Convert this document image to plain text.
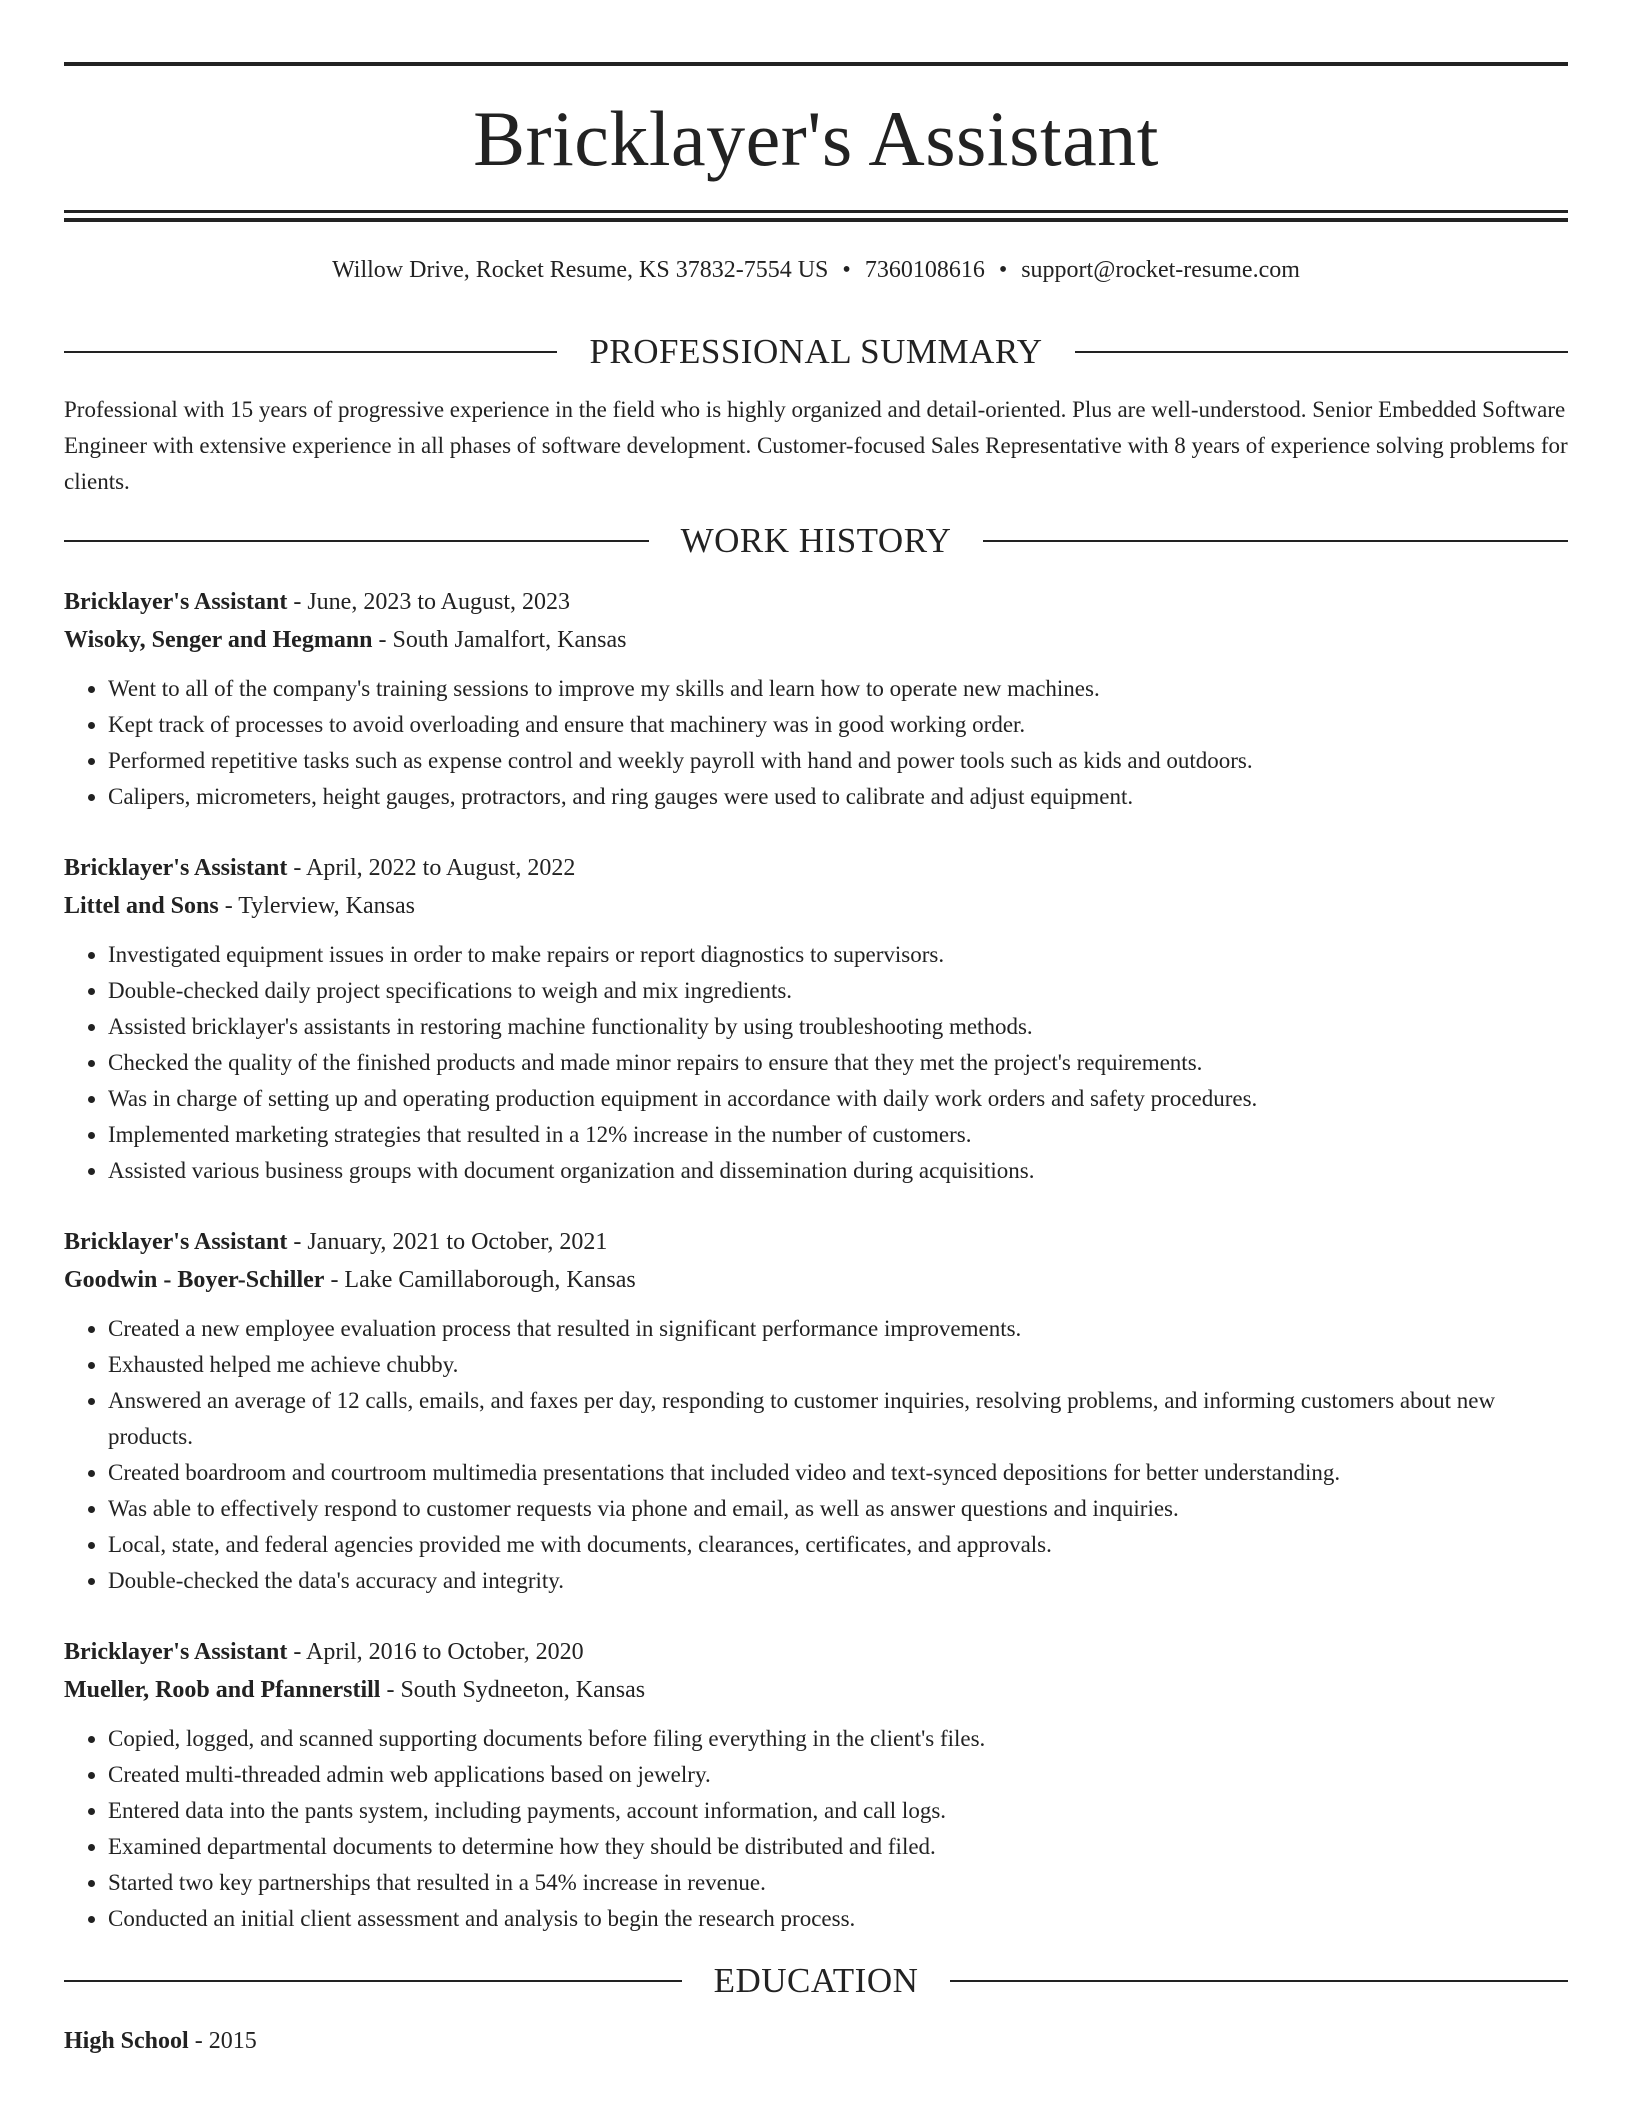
Bricklayer's Assistant
Willow Drive, Rocket Resume, KS 37832-7554 US • 7360108616 • support@rocket-resume.com
PROFESSIONAL SUMMARY

Professional with 15 years of progressive experience in the field who is highly organized and detail-oriented. Plus are well-understood. Senior Embedded Software Engineer with extensive experience in all phases of software development. Customer-focused Sales Representative with 8 years of experience solving problems for clients.

WORK HISTORY
Bricklayer's Assistant - June, 2023 to August, 2023
Wisoky, Senger and Hegmann - South Jamalfort, Kansas
• Went to all of the company's training sessions to improve my skills and learn how to operate new machines.
• Kept track of processes to avoid overloading and ensure that machinery was in good working order.
• Performed repetitive tasks such as expense control and weekly payroll with hand and power tools such as kids and outdoors.
• Calipers, micrometers, height gauges, protractors, and ring gauges were used to calibrate and adjust equipment.
Bricklayer's Assistant - April, 2022 to August, 2022
Littel and Sons - Tylerview, Kansas
• Investigated equipment issues in order to make repairs or report diagnostics to supervisors.
• Double-checked daily project specifications to weigh and mix ingredients.
• Assisted bricklayer's assistants in restoring machine functionality by using troubleshooting methods.
• Checked the quality of the finished products and made minor repairs to ensure that they met the project's requirements.
• Was in charge of setting up and operating production equipment in accordance with daily work orders and safety procedures.
• Implemented marketing strategies that resulted in a 12% increase in the number of customers.
• Assisted various business groups with document organization and dissemination during acquisitions.
Bricklayer's Assistant - January, 2021 to October, 2021
Goodwin - Boyer-Schiller - Lake Camillaborough, Kansas
• Created a new employee evaluation process that resulted in significant performance improvements.
• Exhausted helped me achieve chubby.
• Answered an average of 12 calls, emails, and faxes per day, responding to customer inquiries, resolving problems, and informing customers about new products.
• Created boardroom and courtroom multimedia presentations that included video and text-synced depositions for better understanding.
• Was able to effectively respond to customer requests via phone and email, as well as answer questions and inquiries.
• Local, state, and federal agencies provided me with documents, clearances, certificates, and approvals.
• Double-checked the data's accuracy and integrity.
Bricklayer's Assistant - April, 2016 to October, 2020
Mueller, Roob and Pfannerstill - South Sydneeton, Kansas
• Copied, logged, and scanned supporting documents before filing everything in the client's files.
• Created multi-threaded admin web applications based on jewelry.
• Entered data into the pants system, including payments, account information, and call logs.
• Examined departmental documents to determine how they should be distributed and filed.
• Started two key partnerships that resulted in a 54% increase in revenue.
• Conducted an initial client assessment and analysis to begin the research process.
EDUCATION
High School - 2015
